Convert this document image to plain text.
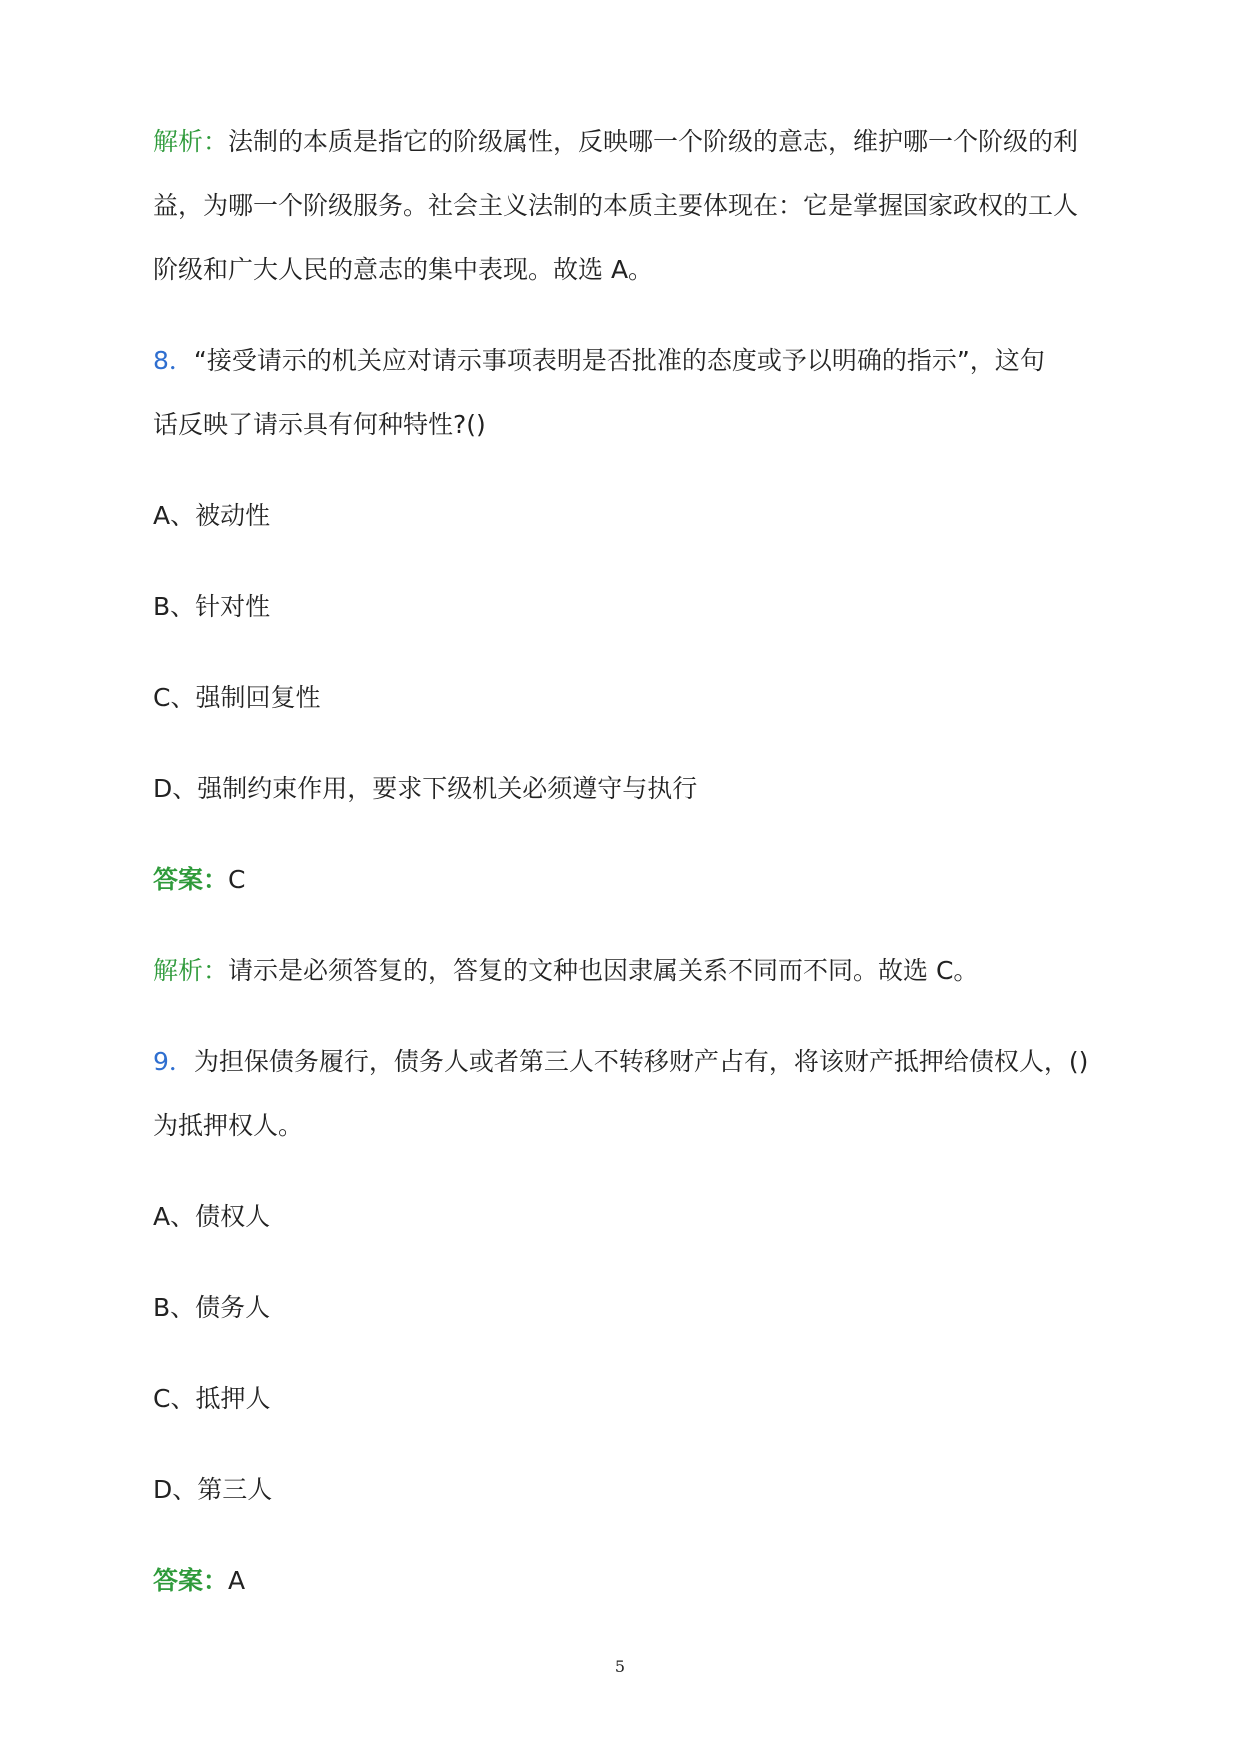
解析：法制的本质是指它的阶级属性，反映哪一个阶级的意志，维护哪一个阶级的利
益，为哪一个阶级服务。社会主义法制的本质主要体现在：它是掌握国家政权的工人
阶级和广大人民的意志的集中表现。故选 A。
8．“接受请示的机关应对请示事项表明是否批准的态度或予以明确的指示”，这句
话反映了请示具有何种特性?()
A、被动性
B、针对性
C、强制回复性
D、强制约束作用，要求下级机关必须遵守与执行
答案：C
解析：请示是必须答复的，答复的文种也因隶属关系不同而不同。故选 C。
9．为担保债务履行，债务人或者第三人不转移财产占有，将该财产抵押给债权人，()
为抵押权人。
A、债权人
B、债务人
C、抵押人
D、第三人
答案：A
5
